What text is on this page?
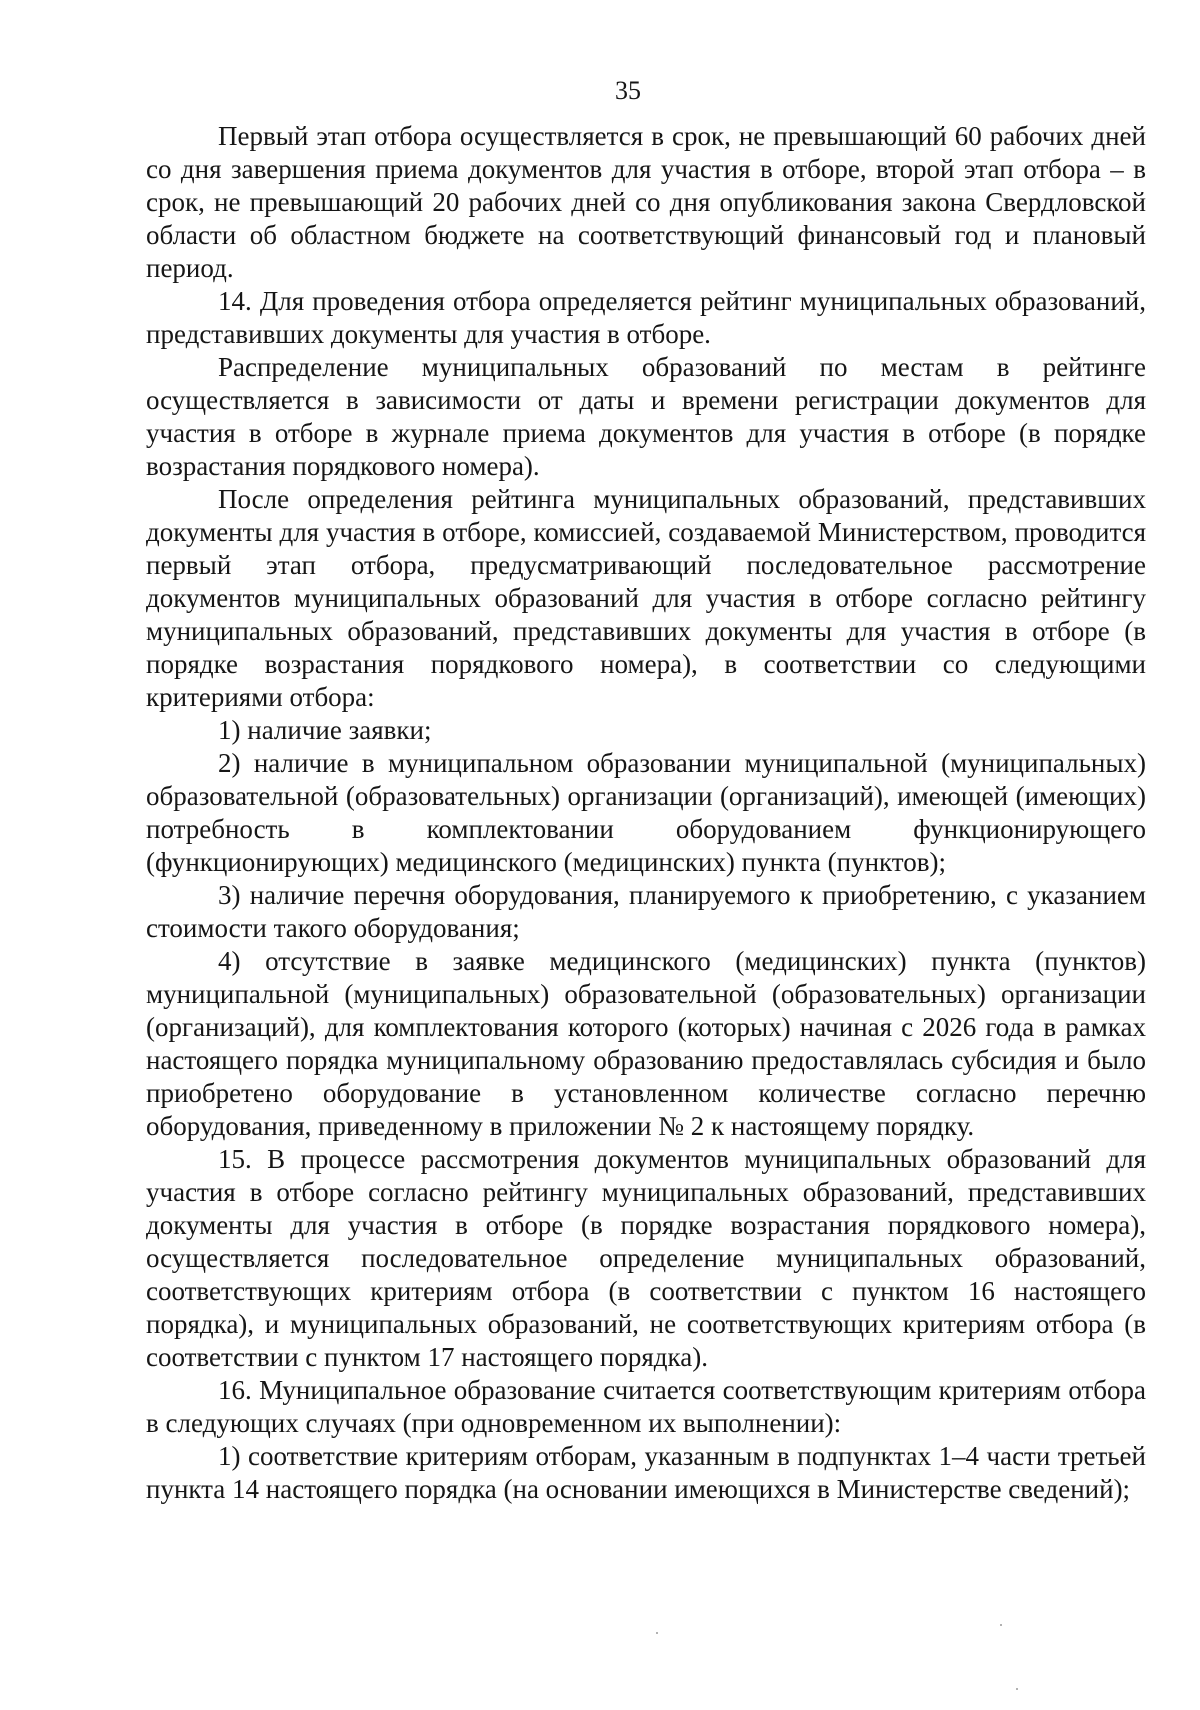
35

Первый этап отбора осуществляется в срок, не превышающий 60 рабочих дней со дня завершения приема документов для участия в отборе, второй этап отбора – в срок, не превышающий 20 рабочих дней со дня опубликования закона Свердловской области об областном бюджете на соответствующий финансовый год и плановый период.

14. Для проведения отбора определяется рейтинг муниципальных образований, представивших документы для участия в отборе.

Распределение муниципальных образований по местам в рейтинге осуществляется в зависимости от даты и времени регистрации документов для участия в отборе в журнале приема документов для участия в отборе (в порядке возрастания порядкового номера).

После определения рейтинга муниципальных образований, представивших документы для участия в отборе, комиссией, создаваемой Министерством, проводится первый этап отбора, предусматривающий последовательное рассмотрение документов муниципальных образований для участия в отборе согласно рейтингу муниципальных образований, представивших документы для участия в отборе (в порядке возрастания порядкового номера), в соответствии со следующими критериями отбора:

1) наличие заявки;

2) наличие в муниципальном образовании муниципальной (муниципальных) образовательной (образовательных) организации (организаций), имеющей (имеющих) потребность в комплектовании оборудованием функционирующего (функционирующих) медицинского (медицинских) пункта (пунктов);

3) наличие перечня оборудования, планируемого к приобретению, с указанием стоимости такого оборудования;

4) отсутствие в заявке медицинского (медицинских) пункта (пунктов) муниципальной (муниципальных) образовательной (образовательных) организации (организаций), для комплектования которого (которых) начиная с 2026 года в рамках настоящего порядка муниципальному образованию предоставлялась субсидия и было приобретено оборудование в установленном количестве согласно перечню оборудования, приведенному в приложении № 2 к настоящему порядку.

15. В процессе рассмотрения документов муниципальных образований для участия в отборе согласно рейтингу муниципальных образований, представивших документы для участия в отборе (в порядке возрастания порядкового номера), осуществляется последовательное определение муниципальных образований, соответствующих критериям отбора (в соответствии с пунктом 16 настоящего порядка), и муниципальных образований, не соответствующих критериям отбора (в соответствии с пунктом 17 настоящего порядка).

16. Муниципальное образование считается соответствующим критериям отбора в следующих случаях (при одновременном их выполнении):

1) соответствие критериям отборам, указанным в подпунктах 1–4 части третьей пункта 14 настоящего порядка (на основании имеющихся в Министерстве сведений);
